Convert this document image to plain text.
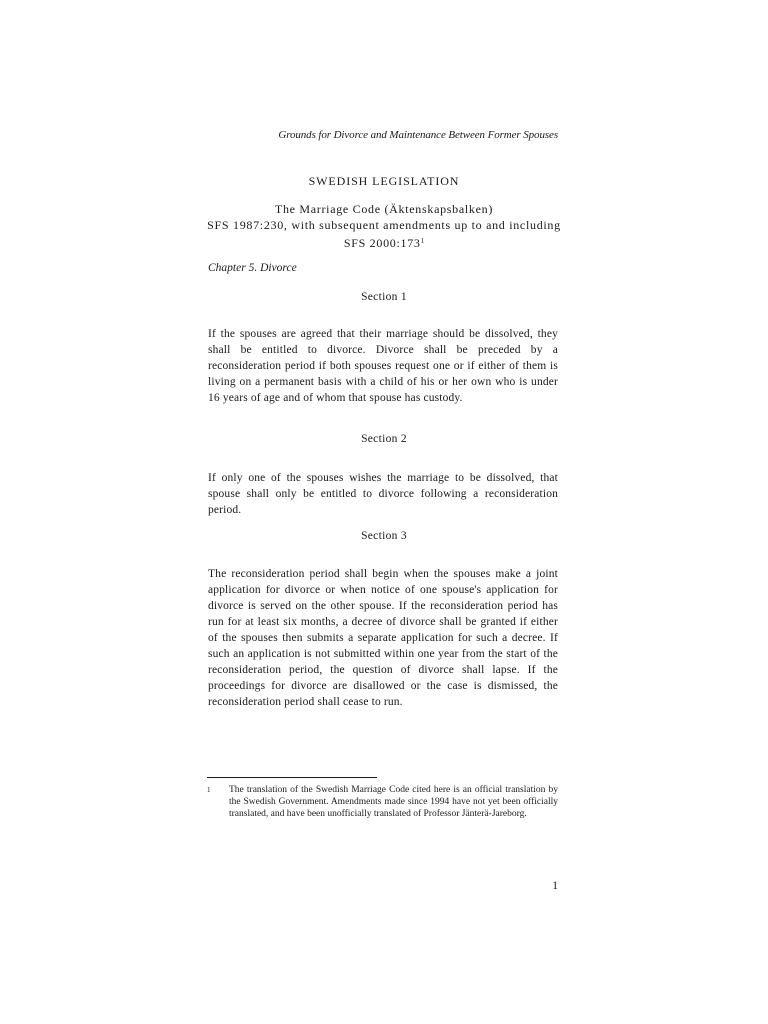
Grounds for Divorce and Maintenance Between Former Spouses
SWEDISH LEGISLATION
The Marriage Code (Äktenskapsbalken)
SFS 1987:230, with subsequent amendments up to and including
SFS $2000:173^1$
Chapter 5. Divorce
Section 1
If the spouses are agreed that their marriage should be dissolved, they shall be entitled to divorce. Divorce shall be preceded by a reconsideration period if both spouses request one or if either of them is living on a permanent basis with a child of his or her own who is under 16 years of age and of whom that spouse has custody.
Section 2
If only one of the spouses wishes the marriage to be dissolved, that spouse shall only be entitled to divorce following a reconsideration period.
Section 3
The reconsideration period shall begin when the spouses make a joint application for divorce or when notice of one spouse's application for divorce is served on the other spouse. If the reconsideration period has run for at least six months, a decree of divorce shall be granted if either of the spouses then submits a separate application for such a decree. If such an application is not submitted within one year from the start of the reconsideration period, the question of divorce shall lapse. If the proceedings for divorce are disallowed or the case is dismissed, the reconsideration period shall cease to run.
1 The translation of the Swedish Marriage Code cited here is an official translation by the Swedish Government. Amendments made since 1994 have not yet been officially translated, and have been unofficially translated of Professor Jänterä-Jareborg.
1
